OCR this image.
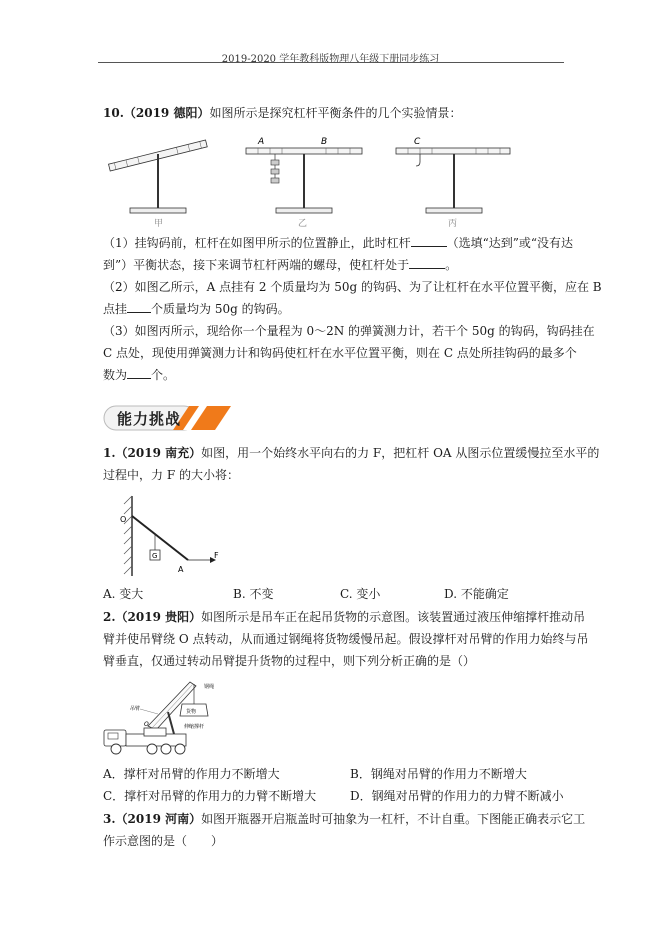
2019-2020 学年教科版物理八年级下册同步练习
10.（2019 德阳）如图所示是探究杠杆平衡条件的几个实验情景：
甲
A	B
乙
C
丙
（1）挂钩码前，杠杆在如图甲所示的位置静止，此时杠杆	（选填“达到”或“没有达
到”）平衡状态，接下来调节杠杆两端的螺母，使杠杆处于	。
（2）如图乙所示，A 点挂有 2 个质量均为 50g 的钩码、为了让杠杆在水平位置平衡，应在 B
点挂 个质量均为 50g 的钩码。
（3）如图丙所示，现给你一个量程为 0～2N 的弹簧测力计，若干个 50g 的钩码，钩码挂在
C 点处，现使用弹簧测力计和钩码使杠杆在水平位置平衡，则在 C 点处所挂钩码的最多个
数为 个。
能力挑战
1.（2019 南充）如图，用一个始终水平向右的力 F，把杠杆 OA 从图示位置缓慢拉至水平的
过程中，力 F 的大小将：
O
G
A
F
A. 变大	B. 不变	C. 变小	D. 不能确定
2.（2019 贵阳）如图所示是吊车正在起吊货物的示意图。该装置通过液压伸缩撑杆推动吊
臂并使吊臂绕 O 点转动，从而通过钢绳将货物缓慢吊起。假设撑杆对吊臂的作用力始终与吊
臂垂直，仅通过转动吊臂提升货物的过程中，则下列分析正确的是（）
货物
吊臂
钢绳
O	伸缩撑杆
A．撑杆对吊臂的作用力不断增大	B．钢绳对吊臂的作用力不断增大
C．撑杆对吊臂的作用力的力臂不断增大	D．钢绳对吊臂的作用力的力臂不断减小
3.（2019 河南）如图开瓶器开启瓶盖时可抽象为一杠杆，不计自重。下图能正确表示它工
作示意图的是（　　）
